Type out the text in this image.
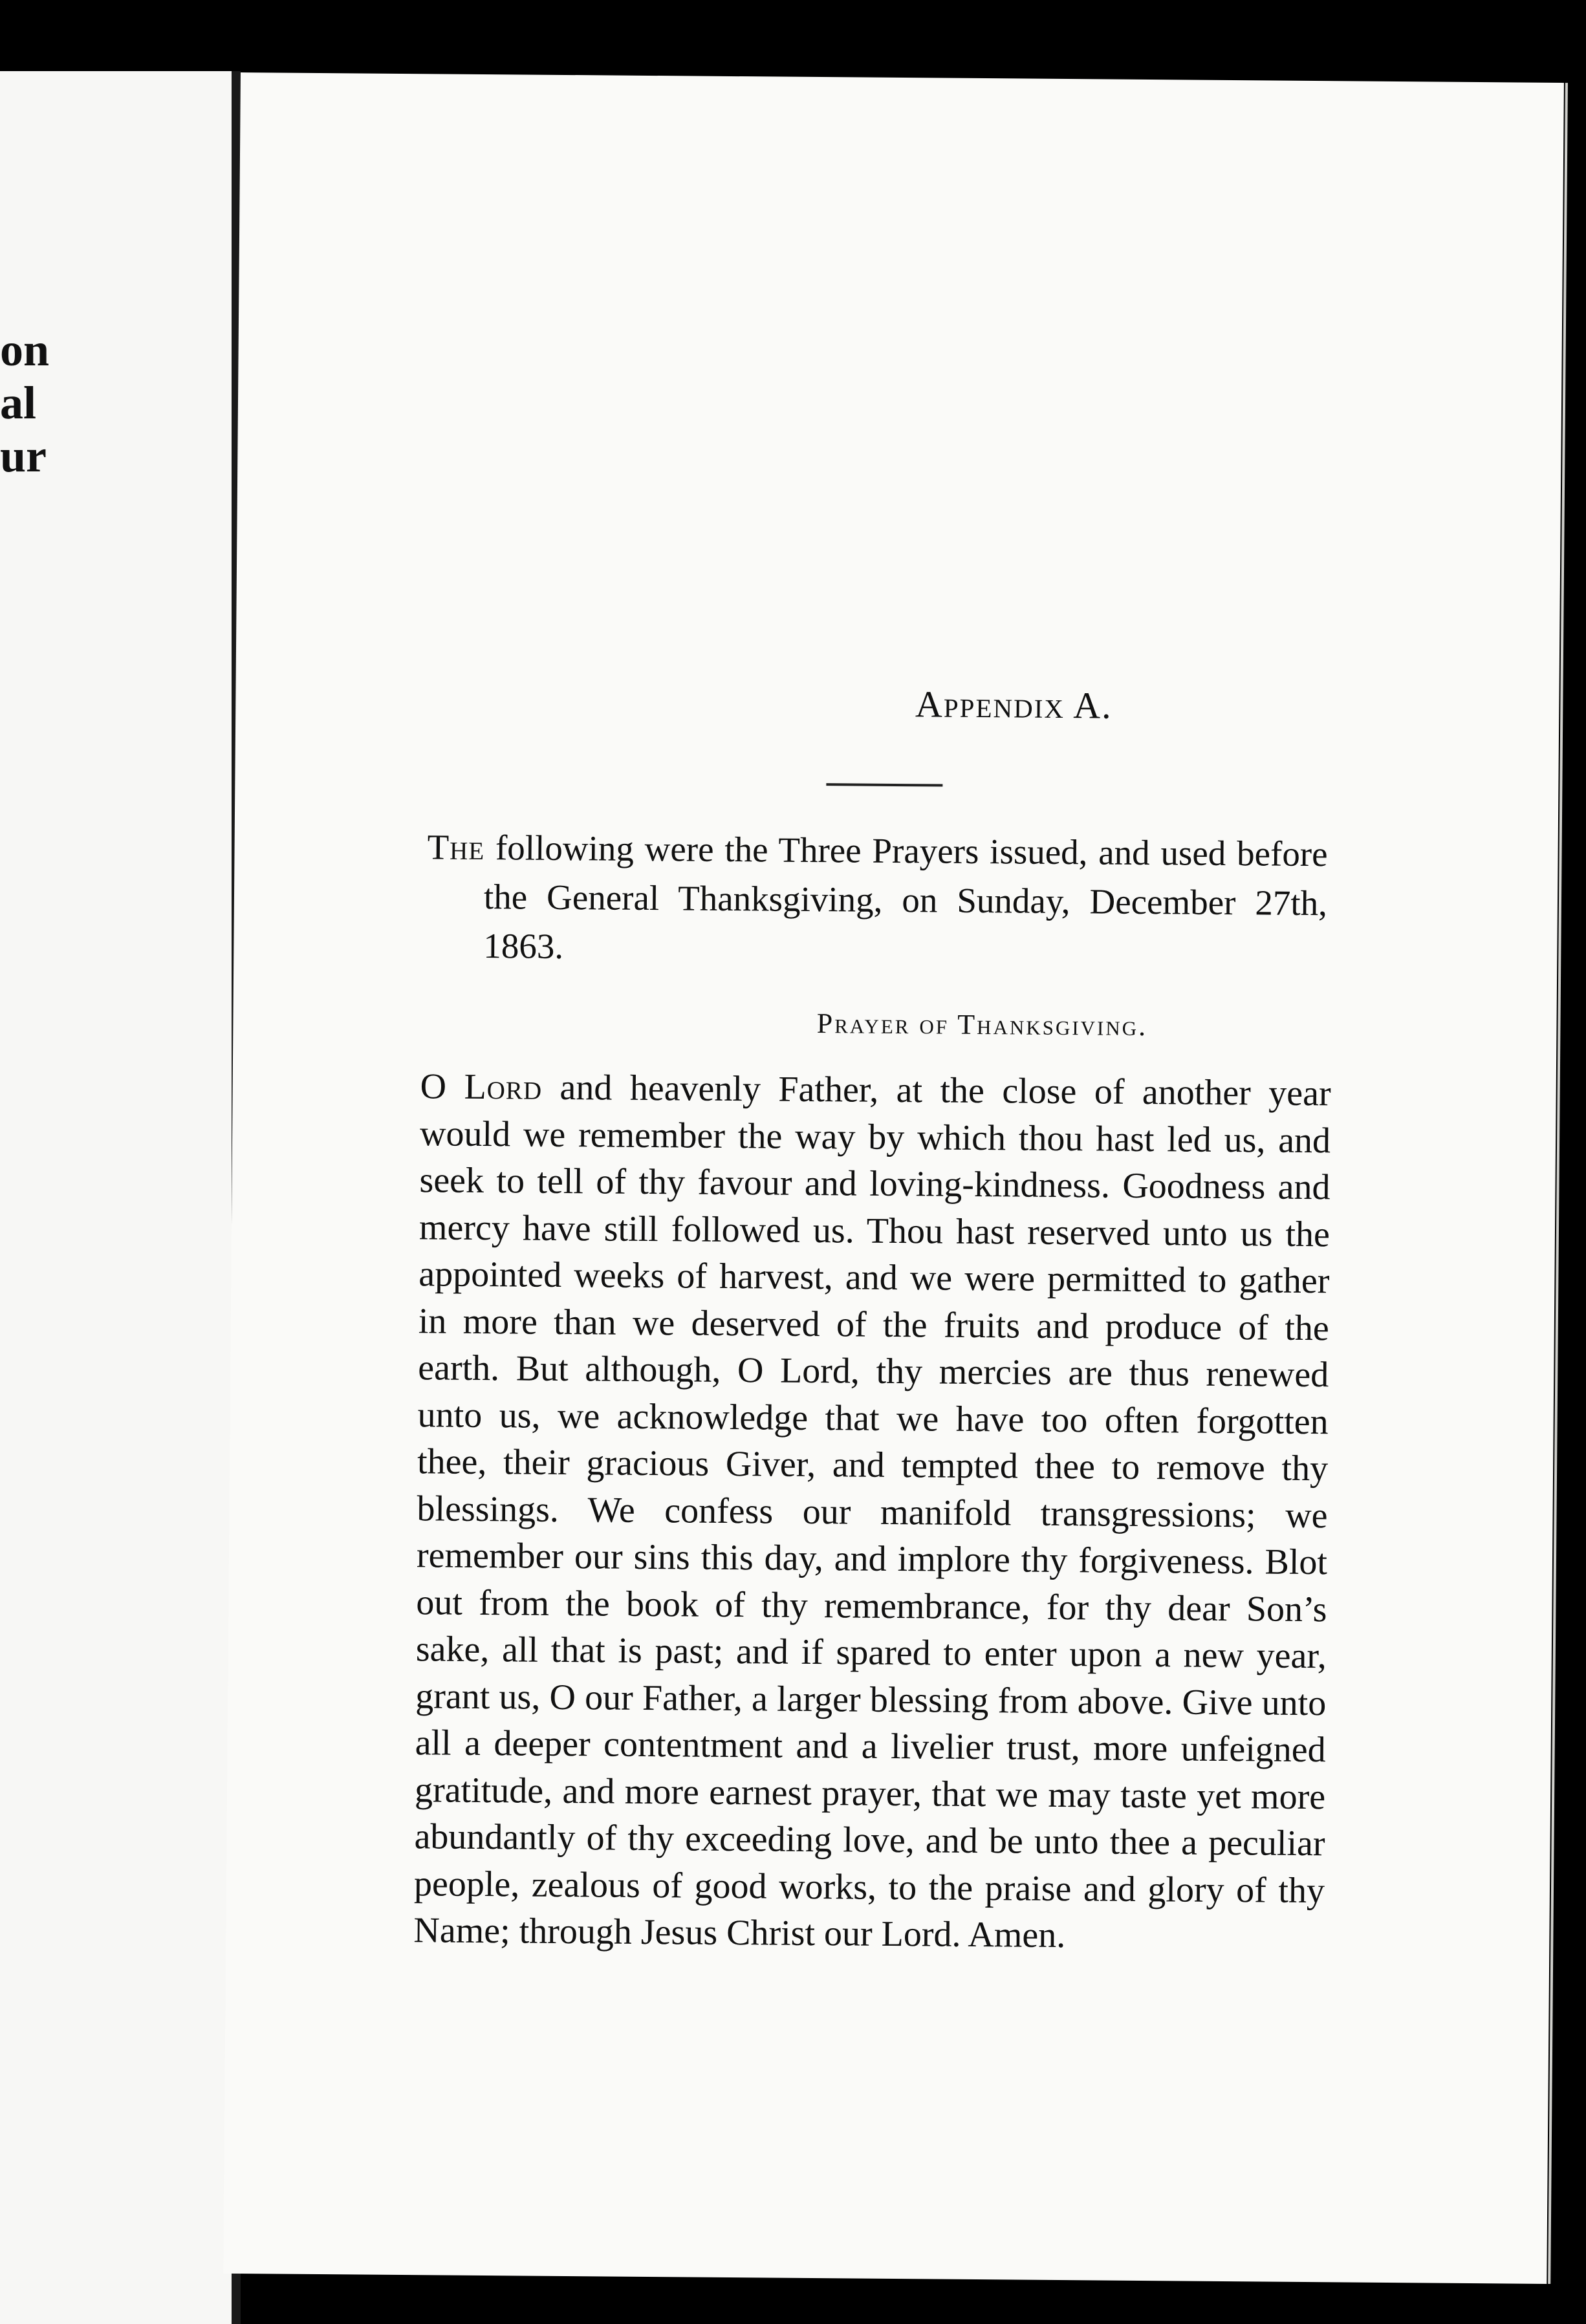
on
al
ur
Appendix A.

The following were the Three Prayers issued, and used before the General Thanksgiving, on Sunday, December 27th, 1863.

Prayer of Thanksgiving.

O Lord and heavenly Father, at the close of another year would we remember the way by which thou hast led us, and seek to tell of thy favour and loving-kindness. Goodness and mercy have still followed us. Thou hast reserved unto us the appointed weeks of harvest, and we were permitted to gather in more than we deserved of the fruits and produce of the earth. But although, O Lord, thy mercies are thus renewed unto us, we acknowledge that we have too often forgotten thee, their gracious Giver, and tempted thee to remove thy blessings. We confess our manifold transgressions; we remember our sins this day, and implore thy forgiveness. Blot out from the book of thy remembrance, for thy dear Son’s sake, all that is past; and if spared to enter upon a new year, grant us, O our Father, a larger blessing from above. Give unto all a deeper contentment and a livelier trust, more unfeigned gratitude, and more earnest prayer, that we may taste yet more abundantly of thy exceeding love, and be unto thee a peculiar people, zealous of good works, to the praise and glory of thy Name; through Jesus Christ our Lord. Amen.
